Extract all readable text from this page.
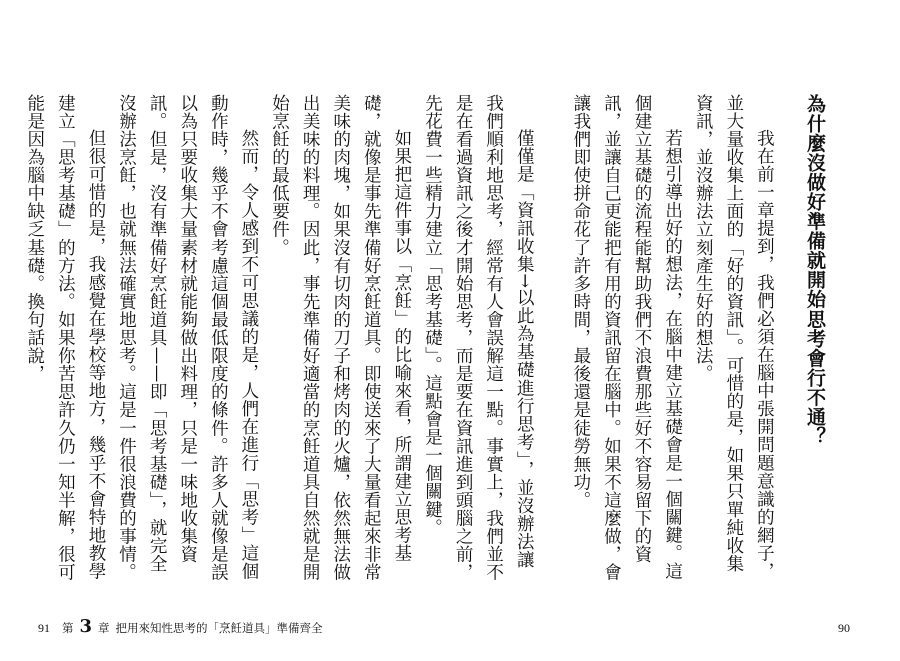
為什麼沒做好準備就開始思考會行不通？

我在前一章提到，我們必須在腦中張開問題意識的網子，並大量收集上面的「好的資訊」。可惜的是，如果只單純收集資訊，並沒辦法立刻產生好的想法。

若想引導出好的想法，在腦中建立基礎會是一個關鍵。這個建立基礎的流程能幫助我們不浪費那些好不容易留下的資訊，並讓自己更能把有用的資訊留在腦中。如果不這麼做，會讓我們即使拼命花了許多時間，最後還是徒勞無功。

僅僅是「資訊收集→以此為基礎進行思考」，並沒辦法讓我們順利地思考，經常有人會誤解這一點。事實上，我們並不是在看過資訊之後才開始思考，而是要在資訊進到頭腦之前，先花費一些精力建立「思考基礎」。這點會是一個關鍵。

如果把這件事以「烹飪」的比喻來看，所謂建立思考基礎，就像是事先準備好烹飪道具。即使送來了大量看起來非常美味的肉塊，如果沒有切肉的刀子和烤肉的火爐，依然無法做出美味的料理。因此，事先準備好適當的烹飪道具自然就是開始烹飪的最低要件。

然而，令人感到不可思議的是，人們在進行「思考」這個動作時，幾乎不會考慮這個最低限度的條件。許多人就像是誤以為只要收集大量素材就能夠做出料理，只是一味地收集資訊。但是，沒有準備好烹飪道具——即「思考基礎」，就完全沒辦法烹飪，也就無法確實地思考。這是一件很浪費的事情。

但很可惜的是，我感覺在學校等地方，幾乎不會特地教學建立「思考基礎」的方法。如果你苦思許久仍一知半解，很可能是因為腦中缺乏基礎。換句話說，

91 第 3 章 把用來知性思考的「烹飪道具」準備齊全	90
